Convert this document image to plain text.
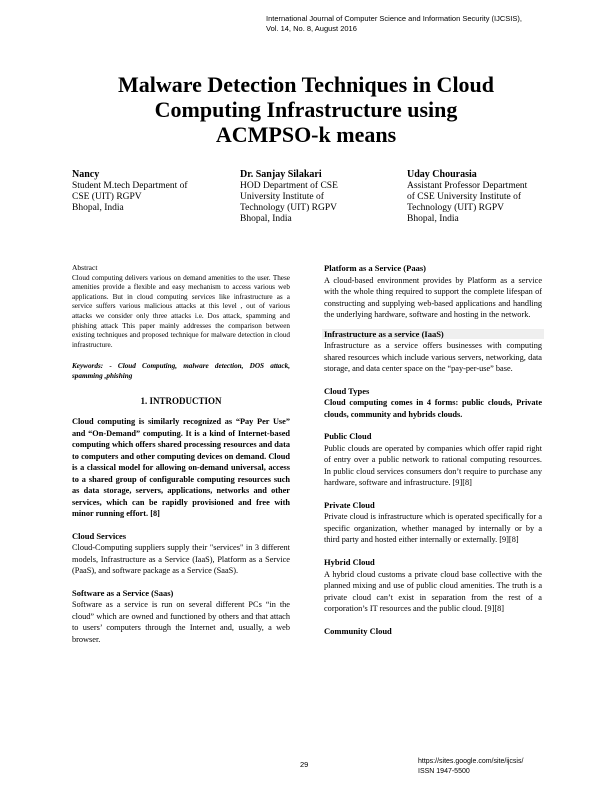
International Journal of Computer Science and Information Security (IJCSIS),
Vol. 14, No. 8, August 2016
Malware Detection Techniques in Cloud
Computing Infrastructure using
ACMPSO-k means
Nancy
Student M.tech Department of
CSE (UIT) RGPV
Bhopal, India
Dr. Sanjay Silakari
HOD Department of CSE
University Institute of
Technology (UIT) RGPV
Bhopal, India
Uday Chourasia
Assistant Professor Department
of CSE University Institute of
Technology (UIT) RGPV
Bhopal, India
Abstract
Cloud computing delivers various on demand amenities to the user. These amenities provide a flexible and easy mechanism to access various web applications. But in cloud computing services like infrastructure as a service suffers various malicious attacks at this level , out of various attacks we consider only three attacks i.e. Dos attack, spamming and phishing attack This paper mainly addresses the comparison between existing techniques and proposed technique for malware detection in cloud infrastructure.
Keywords: - Cloud Computing, malware detection, DOS attack, spamming ,phishing
1. INTRODUCTION
Cloud computing is similarly recognized as “Pay Per Use” and “On-Demand” computing. It is a kind of Internet-based computing which offers shared processing resources and data to computers and other computing devices on demand. Cloud is a classical model for allowing on-demand universal, access to a shared group of configurable computing resources such as data storage, servers, applications, networks and other services, which can be rapidly provisioned and free with minor running effort. [8]
Cloud Services
Cloud-Computing suppliers supply their "services" in 3 different models, Infrastructure as a Service (IaaS), Platform as a Service (PaaS), and software package as a Service (SaaS).
Software as a Service (Saas)
Software as a service is run on several different PCs “in the cloud” which are owned and functioned by others and that attach to users’ computers through the Internet and, usually, a web browser.
Platform as a Service (Paas)
A cloud-based environment provides by Platform as a service with the whole thing required to support the complete lifespan of constructing and supplying web-based applications and handling the underlying hardware, software and hosting in the network.
Infrastructure as a service (IaaS)
Infrastructure as a service offers businesses with computing shared resources which include various servers, networking, data storage, and data center space on the “pay-per-use” base.
Cloud Types
Cloud computing comes in 4 forms: public clouds, Private clouds, community and hybrids clouds.
Public Cloud
Public clouds are operated by companies which offer rapid right of entry over a public network to rational computing resources. In public cloud services consumers don’t require to purchase any hardware, software and infrastructure. [9][8]
Private Cloud
Private cloud is infrastructure which is operated specifically for a specific organization, whether managed by internally or by a third party and hosted either internally or externally. [9][8]
Hybrid Cloud
A hybrid cloud customs a private cloud base collective with the planned mixing and use of public cloud amenities. The truth is a private cloud can’t exist in separation from the rest of a corporation’s IT resources and the public cloud. [9][8]
Community Cloud
29	https://sites.google.com/site/ijcsis/
ISSN 1947-5500
